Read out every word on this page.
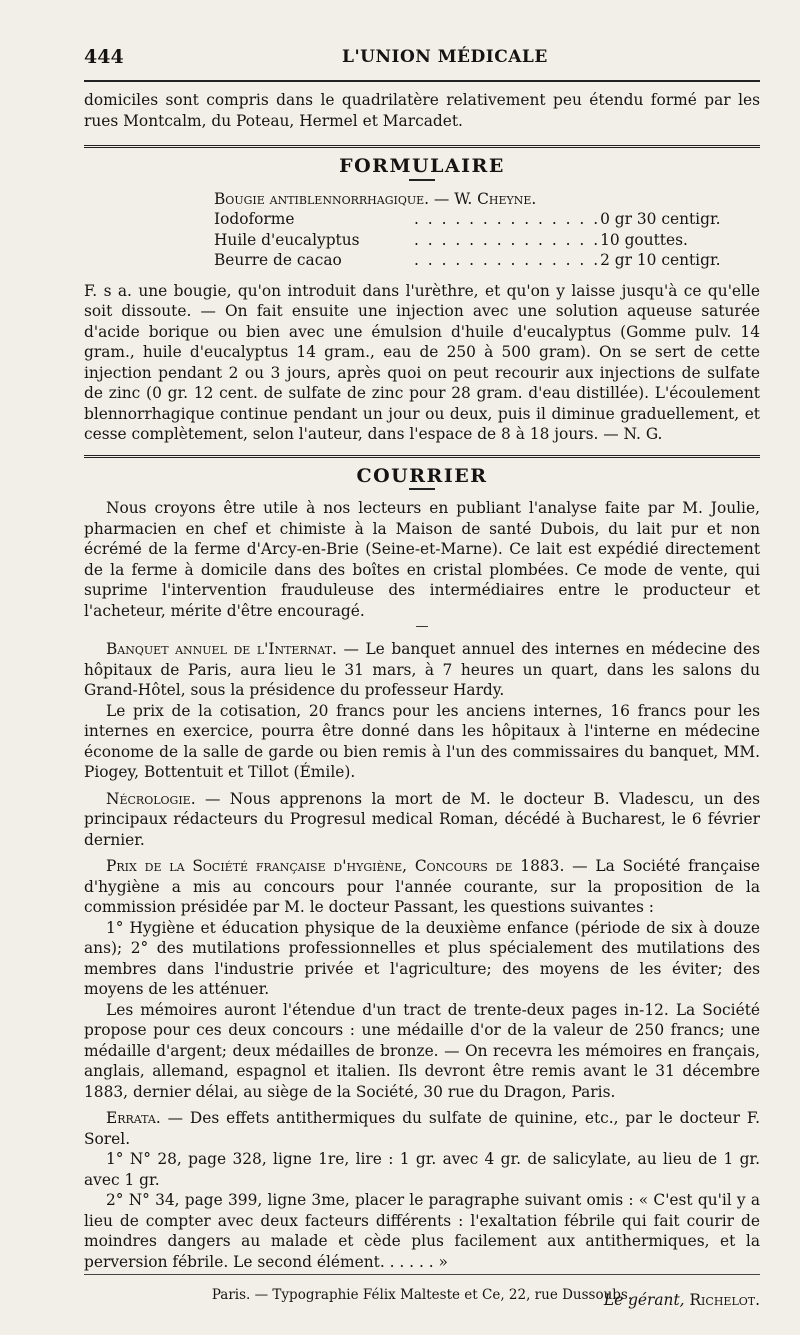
444	L'UNION MÉDICALE

domiciles sont compris dans le quadrilatère relativement peu étendu formé par les rues Montcalm, du Poteau, Hermel et Marcadet.

FORMULAIRE
Bougie antiblennorrhagique. — W. Cheyne.
Iodoforme	. . . . . . . . . . . . . .	0 gr 30 centigr.
Huile d'eucalyptus	. . . . . . . . . . . . . .	10 gouttes.
Beurre de cacao	. . . . . . . . . . . . . .	2 gr 10 centigr.

F. s a. une bougie, qu'on introduit dans l'urèthre, et qu'on y laisse jusqu'à ce qu'elle soit dissoute. — On fait ensuite une injection avec une solution aqueuse saturée d'acide borique ou bien avec une émulsion d'huile d'eucalyptus (Gomme pulv. 14 gram., huile d'eucalyptus 14 gram., eau de 250 à 500 gram). On se sert de cette injection pendant 2 ou 3 jours, après quoi on peut recourir aux injections de sulfate de zinc (0 gr. 12 cent. de sulfate de zinc pour 28 gram. d'eau distillée). L'écoulement blennorrhagique continue pendant un jour ou deux, puis il diminue graduellement, et cesse complètement, selon l'auteur, dans l'espace de 8 à 18 jours. — N. G.

COURRIER

Nous croyons être utile à nos lecteurs en publiant l'analyse faite par M. Joulie, pharmacien en chef et chimiste à la Maison de santé Dubois, du lait pur et non écrémé de la ferme d'Arcy-en-Brie (Seine-et-Marne). Ce lait est expédié directement de la ferme à domicile dans des boîtes en cristal plombées. Ce mode de vente, qui suprime l'intervention frauduleuse des intermédiaires entre le producteur et l'acheteur, mérite d'être encouragé.

—

Banquet annuel de l'Internat. — Le banquet annuel des internes en médecine des hôpitaux de Paris, aura lieu le 31 mars, à 7 heures un quart, dans les salons du Grand-Hôtel, sous la présidence du professeur Hardy.

Le prix de la cotisation, 20 francs pour les anciens internes, 16 francs pour les internes en exercice, pourra être donné dans les hôpitaux à l'interne en médecine économe de la salle de garde ou bien remis à l'un des commissaires du banquet, MM. Piogey, Bottentuit et Tillot (Émile).

Nécrologie. — Nous apprenons la mort de M. le docteur B. Vladescu, un des principaux rédacteurs du Progresul medical Roman, décédé à Bucharest, le 6 février dernier.

Prix de la Société française d'hygiène, Concours de 1883. — La Société française d'hygiène a mis au concours pour l'année courante, sur la proposition de la commission présidée par M. le docteur Passant, les questions suivantes :

1° Hygiène et éducation physique de la deuxième enfance (période de six à douze ans); 2° des mutilations professionnelles et plus spécialement des mutilations des membres dans l'industrie privée et l'agriculture; des moyens de les éviter; des moyens de les atténuer.

Les mémoires auront l'étendue d'un tract de trente-deux pages in-12. La Société propose pour ces deux concours : une médaille d'or de la valeur de 250 francs; une médaille d'argent; deux médailles de bronze. — On recevra les mémoires en français, anglais, allemand, espagnol et italien. Ils devront être remis avant le 31 décembre 1883, dernier délai, au siège de la Société, 30 rue du Dragon, Paris.

Errata. — Des effets antithermiques du sulfate de quinine, etc., par le docteur F. Sorel.

1° N° 28, page 328, ligne 1re, lire : 1 gr. avec 4 gr. de salicylate, au lieu de 1 gr. avec 1 gr.

2° N° 34, page 399, ligne 3me, placer le paragraphe suivant omis : « C'est qu'il y a lieu de compter avec deux facteurs différents : l'exaltation fébrile qui fait courir de moindres dangers au malade et cède plus facilement aux antithermiques, et la perversion fébrile. Le second élément. . . . . . »

Le gérant, Richelot.
Paris. — Typographie Félix Malteste et Ce, 22, rue Dussoubs.
